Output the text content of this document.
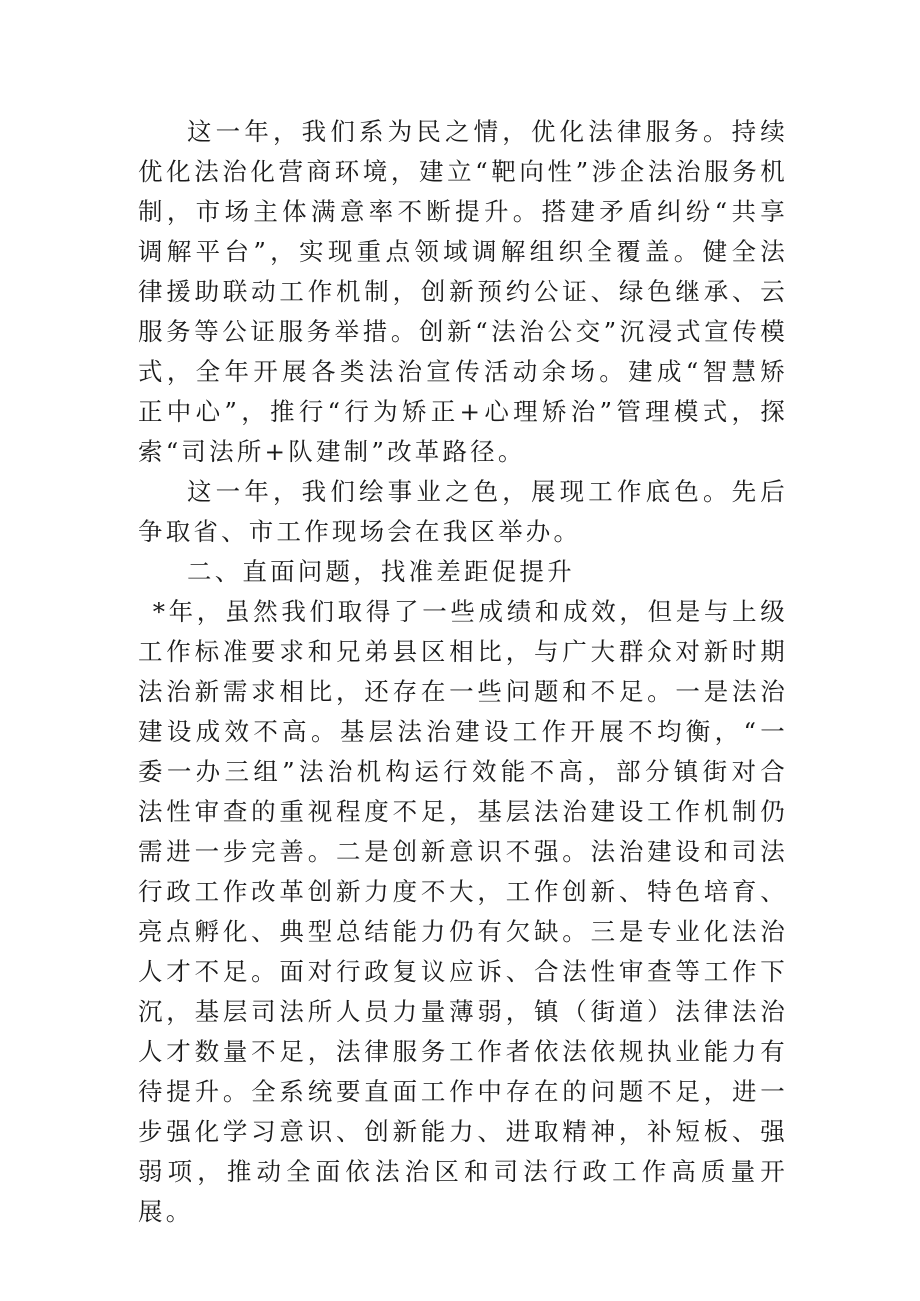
这一年，我们系为民之情，优化法律服务。持续优化法治化营商环境，建立“靶向性”涉企法治服务机制，市场主体满意率不断提升。搭建矛盾纠纷“共享调解平台”，实现重点领域调解组织全覆盖。健全法律援助联动工作机制，创新预约公证、绿色继承、云服务等公证服务举措。创新“法治公交”沉浸式宣传模式，全年开展各类法治宣传活动余场。建成“智慧矫正中心”，推行“行为矫正+心理矫治”管理模式，探索“司法所+队建制”改革路径。

这一年，我们绘事业之色，展现工作底色。先后争取省、市工作现场会在我区举办。

二、直面问题，找准差距促提升

*年，虽然我们取得了一些成绩和成效，但是与上级工作标准要求和兄弟县区相比，与广大群众对新时期法治新需求相比，还存在一些问题和不足。一是法治建设成效不高。基层法治建设工作开展不均衡，“一委一办三组”法治机构运行效能不高，部分镇街对合法性审查的重视程度不足，基层法治建设工作机制仍需进一步完善。二是创新意识不强。法治建设和司法行政工作改革创新力度不大，工作创新、特色培育、亮点孵化、典型总结能力仍有欠缺。三是专业化法治人才不足。面对行政复议应诉、合法性审查等工作下沉，基层司法所人员力量薄弱，镇（街道）法律法治人才数量不足，法律服务工作者依法依规执业能力有待提升。全系统要直面工作中存在的问题不足，进一步强化学习意识、创新能力、进取精神，补短板、强弱项，推动全面依法治区和司法行政工作高质量开展。
